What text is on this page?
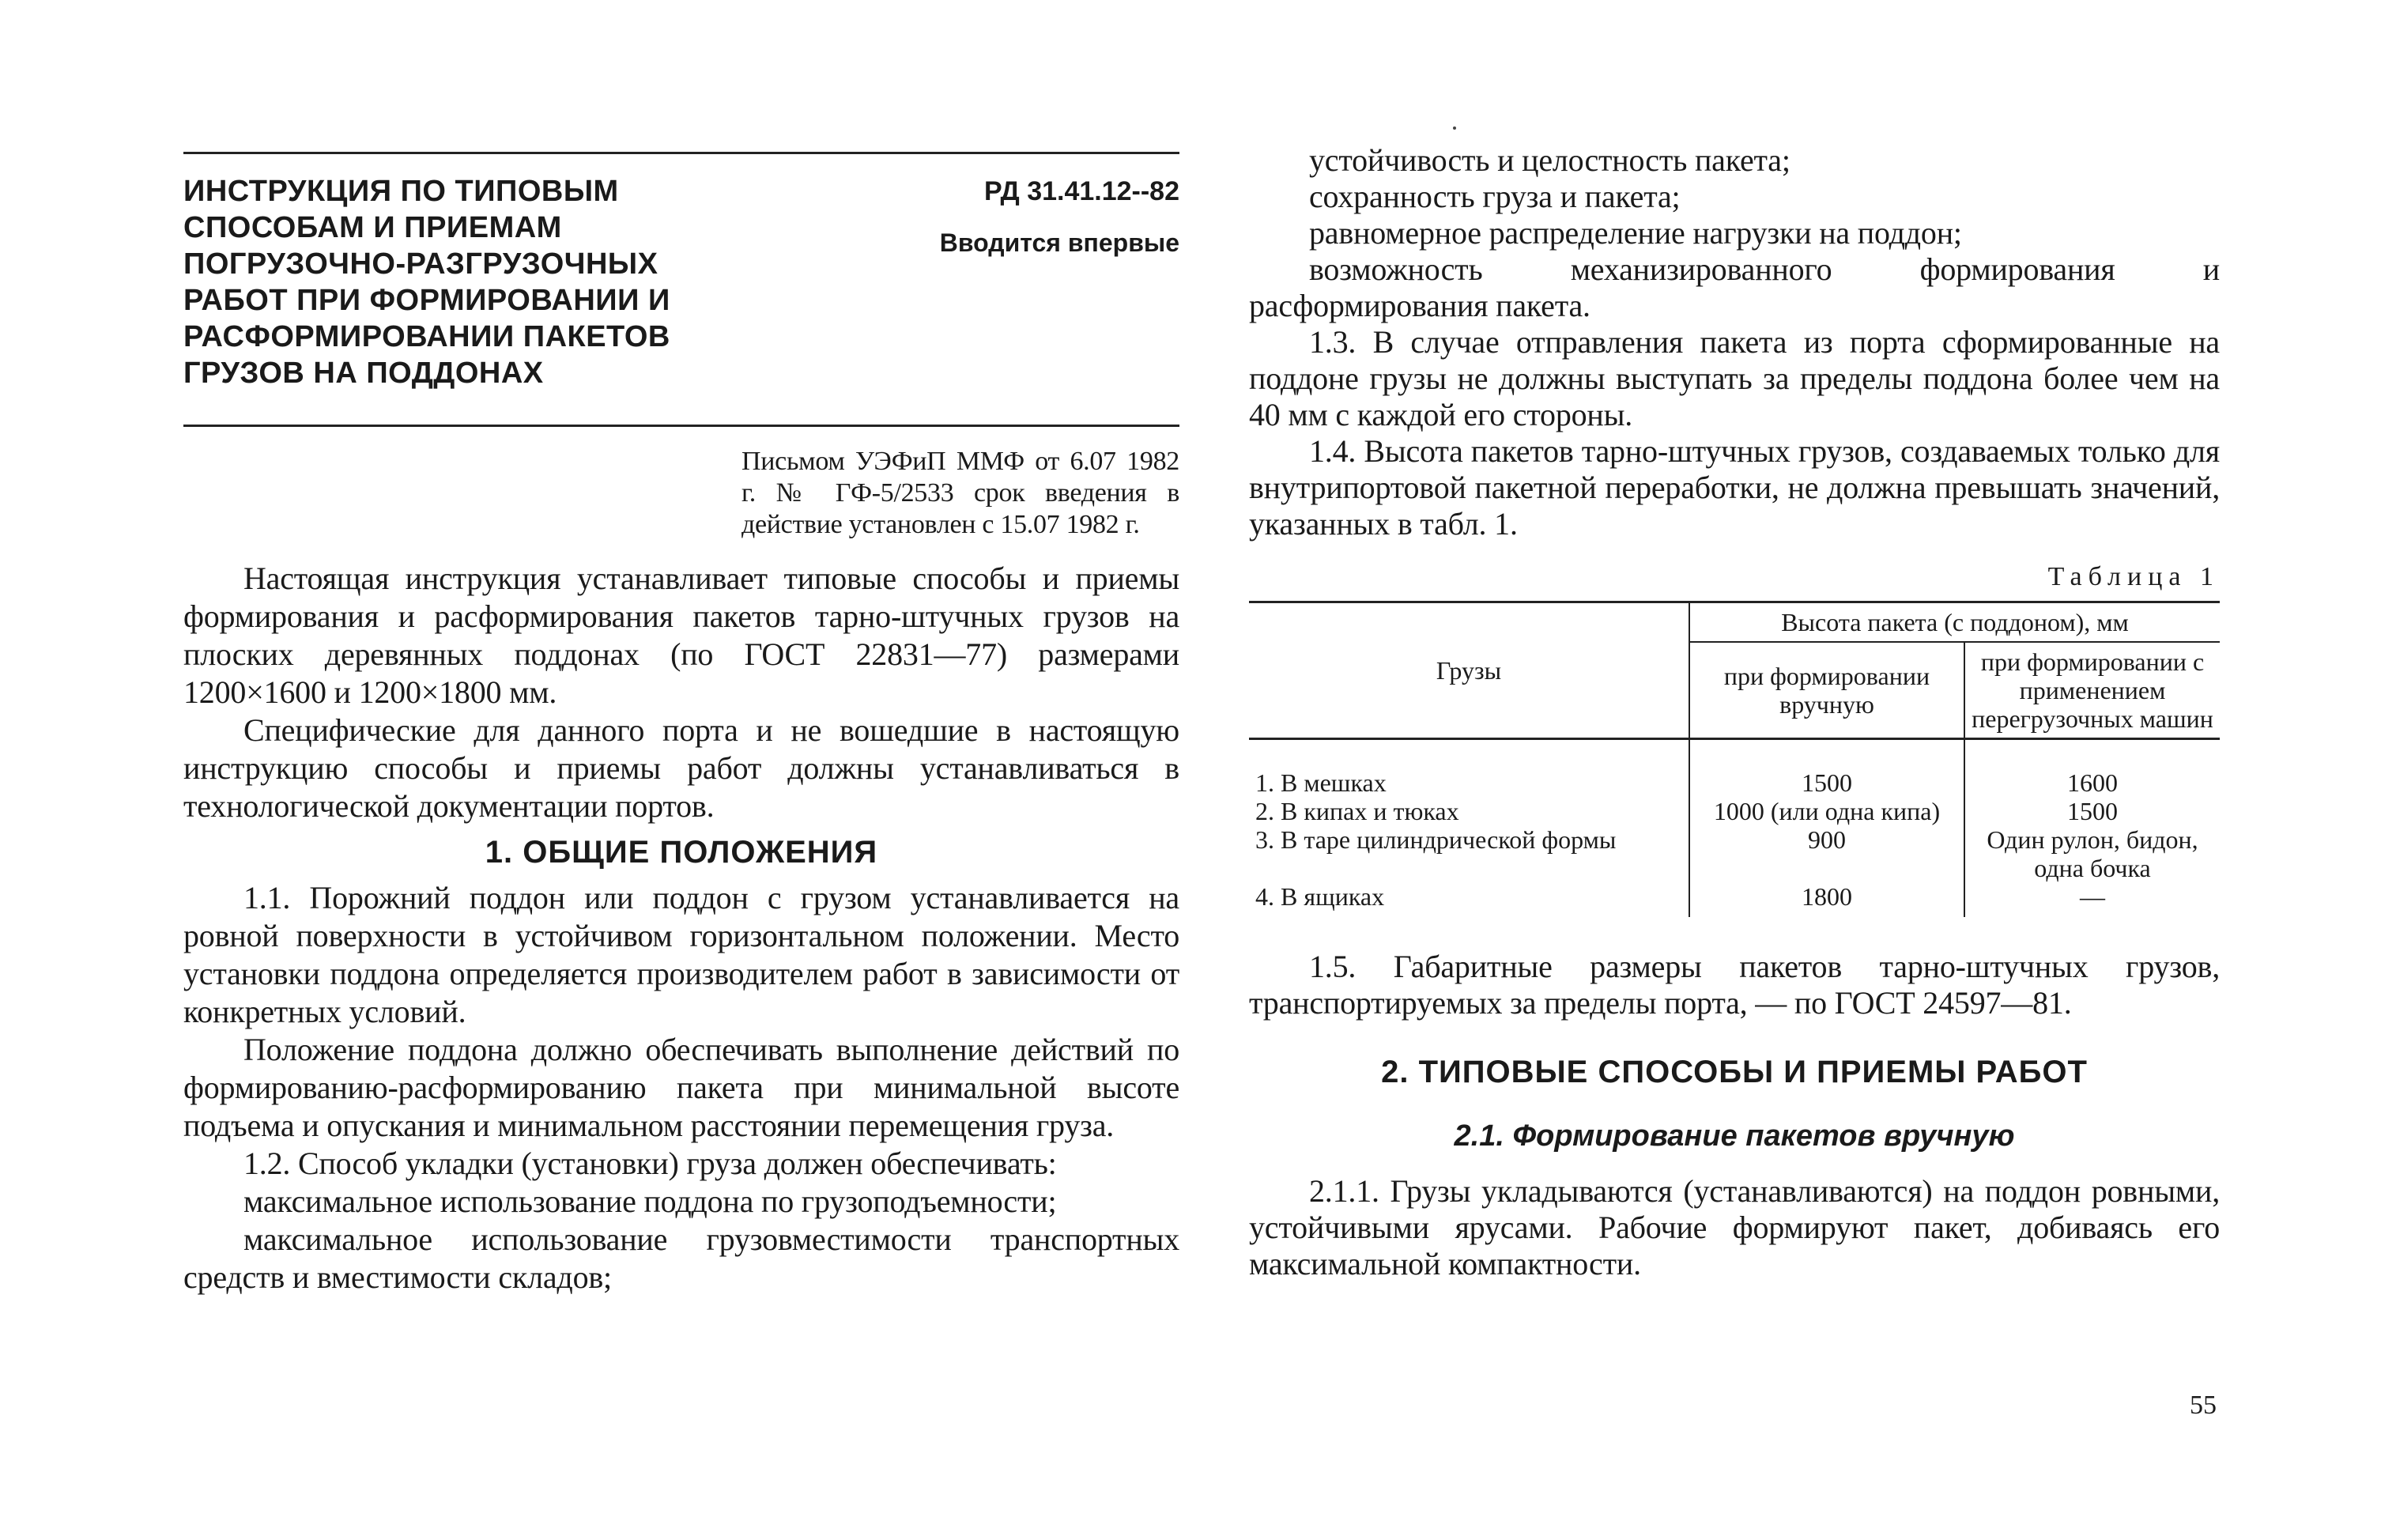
ИНСТРУКЦИЯ ПО ТИПОВЫМ СПОСОБАМ И ПРИЕМАМ ПОГРУЗОЧНО-РАЗГРУЗОЧНЫХ РАБОТ ПРИ ФОРМИРОВАНИИ И РАСФОРМИРОВАНИИ ПАКЕТОВ ГРУЗОВ НА ПОДДОНАХ
РД 31.41.12--82
Вводится впервые
Письмом УЭФиП ММФ от 6.07 1982 г. № ГФ-5/2533 срок введения в действие установлен с 15.07 1982 г.

Настоящая инструкция устанавливает типовые способы и приемы формирования и расформирования пакетов тарно-штучных грузов на плоских деревянных поддонах (по ГОСТ 22831—77) размерами 1200×1600 и 1200×1800 мм.

Специфические для данного порта и не вошедшие в настоящую инструкцию способы и приемы работ должны устанавливаться в технологической документации портов.

1. ОБЩИЕ ПОЛОЖЕНИЯ

1.1. Порожний поддон или поддон с грузом устанавливается на ровной поверхности в устойчивом горизонтальном положении. Место установки поддона определяется производителем работ в зависимости от конкретных условий.

Положение поддона должно обеспечивать выполнение действий по формированию-расформированию пакета при минимальной высоте подъема и опускания и минимальном расстоянии перемещения груза.

1.2. Способ укладки (установки) груза должен обеспечивать:

максимальное использование поддона по грузоподъемности;

максимальное использование грузовместимости транспортных средств и вместимости складов;

устойчивость и целостность пакета;

сохранность груза и пакета;

равномерное распределение нагрузки на поддон;

возможность механизированного формирования и расформирования пакета.

1.3. В случае отправления пакета из порта сформированные на поддоне грузы не должны выступать за пределы поддона более чем на 40 мм с каждой его стороны.

1.4. Высота пакетов тарно-штучных грузов, создаваемых только для внутрипортовой пакетной переработки, не должна превышать значений, указанных в табл. 1.

Таблица 1
Грузы	Высота пакета (с поддоном), мм	
	при формировании вручную	при формировании с применением перегрузочных машин
1. В мешках	1500	1600
2. В кипах и тюках	1000 (или одна кипа)	1500
3. В таре цилиндрической формы	900	Один рулон, бидон, одна бочка
4. В ящиках	1800	—

1.5. Габаритные размеры пакетов тарно-штучных грузов, транспортируемых за пределы порта, — по ГОСТ 24597—81.

2. ТИПОВЫЕ СПОСОБЫ И ПРИЕМЫ РАБОТ
2.1. Формирование пакетов вручную

2.1.1. Грузы укладываются (устанавливаются) на поддон ровными, устойчивыми ярусами. Рабочие формируют пакет, добиваясь его максимальной компактности.

55
